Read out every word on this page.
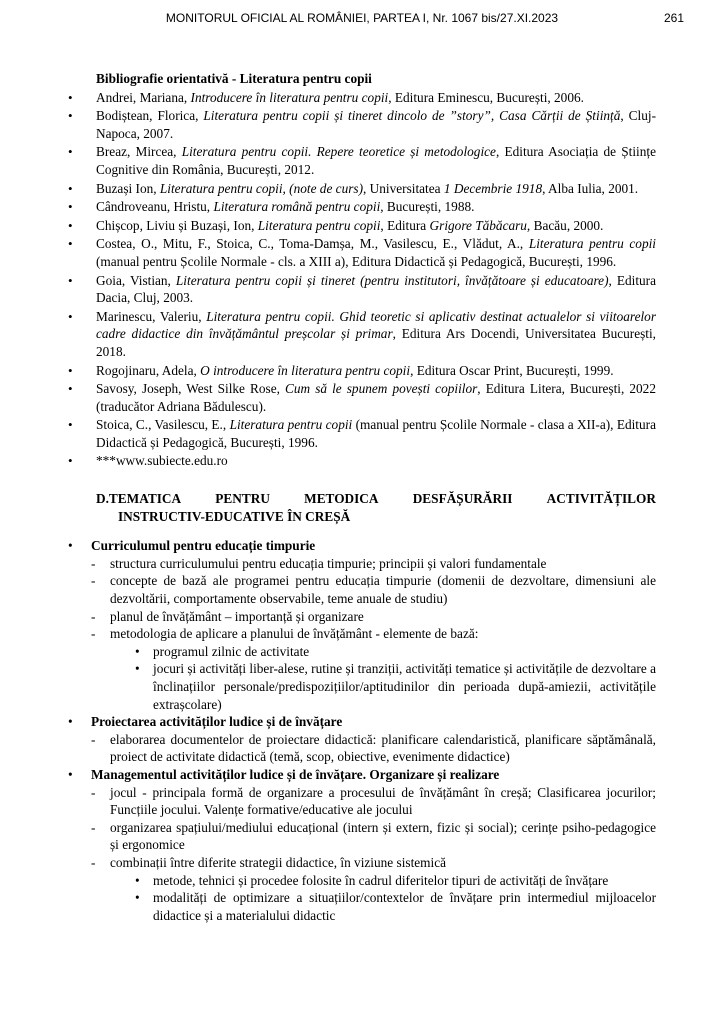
MONITORUL OFICIAL AL ROMÂNIEI, PARTEA I, Nr. 1067 bis/27.XI.2023	261
Bibliografie orientativă - Literatura pentru copii
• Andrei, Mariana, Introducere în literatura pentru copii, Editura Eminescu, București, 2006.
• Bodiștean, Florica, Literatura pentru copii și tineret dincolo de ”story”, Casa Cărții de Știință, Cluj-Napoca, 2007.
• Breaz, Mircea, Literatura pentru copii. Repere teoretice și metodologice, Editura Asociația de Științe Cognitive din România, București, 2012.
• Buzași Ion, Literatura pentru copii, (note de curs), Universitatea 1 Decembrie 1918, Alba Iulia, 2001.
• Cândroveanu, Hristu, Literatura română pentru copii, București, 1988.
• Chișcop, Liviu și Buzași, Ion, Literatura pentru copii, Editura Grigore Tăbăcaru, Bacău, 2000.
• Costea, O., Mitu, F., Stoica, C., Toma-Damșa, M., Vasilescu, E., Vlădut, A., Literatura pentru copii (manual pentru Școlile Normale - cls. a XIII a), Editura Didactică și Pedagogică, București, 1996.
• Goia, Vistian, Literatura pentru copii și tineret (pentru institutori, învățătoare și educatoare), Editura Dacia, Cluj, 2003.
• Marinescu, Valeriu, Literatura pentru copii. Ghid teoretic si aplicativ destinat actualelor si viitoarelor cadre didactice din învățământul preșcolar și primar, Editura Ars Docendi, Universitatea București, 2018.
• Rogojinaru, Adela, O introducere în literatura pentru copii, Editura Oscar Print, București, 1999.
• Savosy, Joseph, West Silke Rose, Cum să le spunem povești copiilor, Editura Litera, București, 2022 (traducător Adriana Bădulescu).
• Stoica, C., Vasilescu, E., Literatura pentru copii (manual pentru Școlile Normale - clasa a XII-a), Editura Didactică și Pedagogică, București, 1996.
• ***www.subiecte.edu.ro
D.TEMATICA	PENTRU	METODICA	DESFĂȘURĂRII	ACTIVITĂȚILOR
INSTRUCTIV-EDUCATIVE ÎN CREȘĂ
• Curriculumul pentru educație timpurie
- structura curriculumului pentru educația timpurie; principii și valori fundamentale
- concepte de bază ale programei pentru educația timpurie (domenii de dezvoltare, dimensiuni ale dezvoltării, comportamente observabile, teme anuale de studiu)
- planul de învățământ – importanță și organizare
- metodologia de aplicare a planului de învățământ - elemente de bază:
• programul zilnic de activitate
• jocuri și activități liber-alese, rutine și tranziții, activități tematice și activitățile de dezvoltare a înclinațiilor personale/predispozițiilor/aptitudinilor din perioada după-amiezii, activitățile extrașcolare)
• Proiectarea activităților ludice și de învățare
- elaborarea documentelor de proiectare didactică: planificare calendaristică, planificare săptămânală, proiect de activitate didactică (temă, scop, obiective, evenimente didactice)
• Managementul activităților ludice și de învățare. Organizare și realizare
- jocul - principala formă de organizare a procesului de învățământ în creșă; Clasificarea jocurilor; Funcțiile jocului. Valențe formative/educative ale jocului
- organizarea spațiului/mediului educațional (intern și extern, fizic și social); cerințe psiho-pedagogice și ergonomice
- combinații între diferite strategii didactice, în viziune sistemică
• metode, tehnici și procedee folosite în cadrul diferitelor tipuri de activități de învățare
• modalități de optimizare a situațiilor/contextelor de învățare prin intermediul mijloacelor didactice și a materialului didactic
